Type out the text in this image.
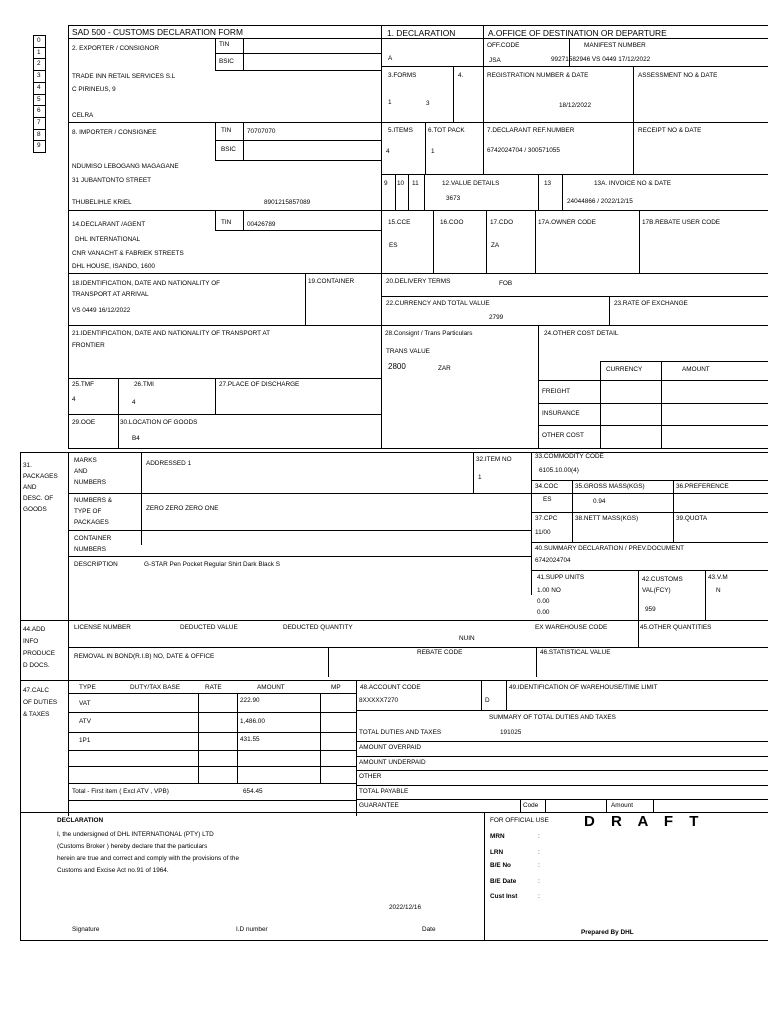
0
1
2
3
4
5
6
7
8
9
SAD 500 - CUSTOMS DECLARATION FORM	1. DECLARATION	A.OFFICE OF DESTINATION OR DEPARTURE
2. EXPORTER / CONSIGNOR
TIN
BSIC
TRADE INN RETAIL SERVICES S.L
C PIRINEUS, 9
CELRA
A
OFF.CODE
JSA
MANIFEST NUMBER
99271582946 VS 0449 17/12/2022
3.FORMS	4.
1	3
REGISTRATION NUMBER & DATE
18/12/2022
ASSESSMENT NO & DATE
8. IMPORTER / CONSIGNEE	TIN 70707070
BSIC
NDUMISO LEBOGANG MAGAGANE
31 JUBANTONTO STREET
THUBELIHLE KRIEL	8901215857089
5.ITEMS
4
6.TOT PACK
1
7.DECLARANT REF.NUMBER
6742024704 / 300571055
RECEIPT NO & DATE
9 10 11	12.VALUE DETAILS
3673
13	13A. INVOICE NO & DATE
24044866 / 2022/12/15
14.DECLARANT /AGENT	TIN 00426789
DHL INTERNATIONAL
CNR VANACHT & FABRIEK STREETS
DHL HOUSE, ISANDO, 1600
15.CCE
ES
16.COO	17.CDO
ZA
17A.OWNER CODE	17B.REBATE USER CODE
18.IDENTIFICATION, DATE AND NATIONALITY OF
TRANSPORT AT ARRIVAL
VS 0449 16/12/2022
19.CONTAINER	20.DELIVERY TERMS	FOB
22.CURRENCY AND TOTAL VALUE
2799
23.RATE OF EXCHANGE
21.IDENTIFICATION, DATE AND NATIONALITY OF TRANSPORT AT
FRONTIER
28.Consignt / Trans Particulars
TRANS VALUE
2800	ZAR
24.OTHER COST DETAIL
CURRENCY	AMOUNT
FREIGHT
INSURANCE
OTHER COST
25.TMF
4
26.TMI
4
27.PLACE OF DISCHARGE
29.OOE	30.LOCATION OF GOODS
B4
31.
PACKAGES
AND
DESC. OF
GOODS
MARKS
AND
NUMBERS
ADDRESSED 1
NUMBERS &
TYPE OF
PACKAGES
ZERO ZERO ZERO ONE
CONTAINER
NUMBERS
DESCRIPTION	G-STAR Pen Pocket Regular Shirt Dark Black S
32.ITEM NO
1
33.COMMODITY CODE
6105.10.00(4)
34.COC
ES
35.GROSS MASS(KGS)
0.94
36.PREFERENCE
37.CPC
11/00
38.NETT MASS(KGS)	39.QUOTA
40.SUMMARY DECLARATION / PREV.DOCUMENT
6742024704
41.SUPP UNITS
1.00 NO
0.00
0.00
42.CUSTOMS
VAL(FCY)
959
43.V.M
N
44.ADD
INFO
PRODUCE
D DOCS.
LICENSE NUMBER	DEDUCTED VALUE	DEDUCTED QUANTITY	EX WAREHOUSE CODE	45.OTHER QUANTITIES
NUIN
REMOVAL IN BOND(R.I.B) NO, DATE & OFFICE
REBATE CODE	46.STATISTICAL VALUE
47.CALC
OF DUTIES
& TAXES
TYPE	DUTY/TAX BASE	RATE	AMOUNT	MP
VAT	222.90
ATV	1,486.00
1P1	431.55
Total - First item ( Excl ATV , VPB)	654.45
48.ACCOUNT CODE
8XXXXX7270	D
49.IDENTIFICATION OF WAREHOUSE/TIME LIMIT
SUMMARY OF TOTAL DUTIES AND TAXES
TOTAL DUTIES AND TAXES	191025
AMOUNT OVERPAID
AMOUNT UNDERPAID
OTHER
TOTAL PAYABLE
GUARANTEE	Code	Amount
DECLARATION
I, the undersigned of DHL INTERNATIONAL (PTY) LTD
(Customs Broker ) hereby declare that the particulars
herein are true and correct and comply with the provisions of the
Customs and Excise Act no.91 of 1964.
2022/12/16
Signature	I.D number	Date
FOR OFFICIAL USE D R A F T
MRN	:
LRN	:
B/E No	:
B/E Date	:
Cust Inst	:
Prepared By DHL
